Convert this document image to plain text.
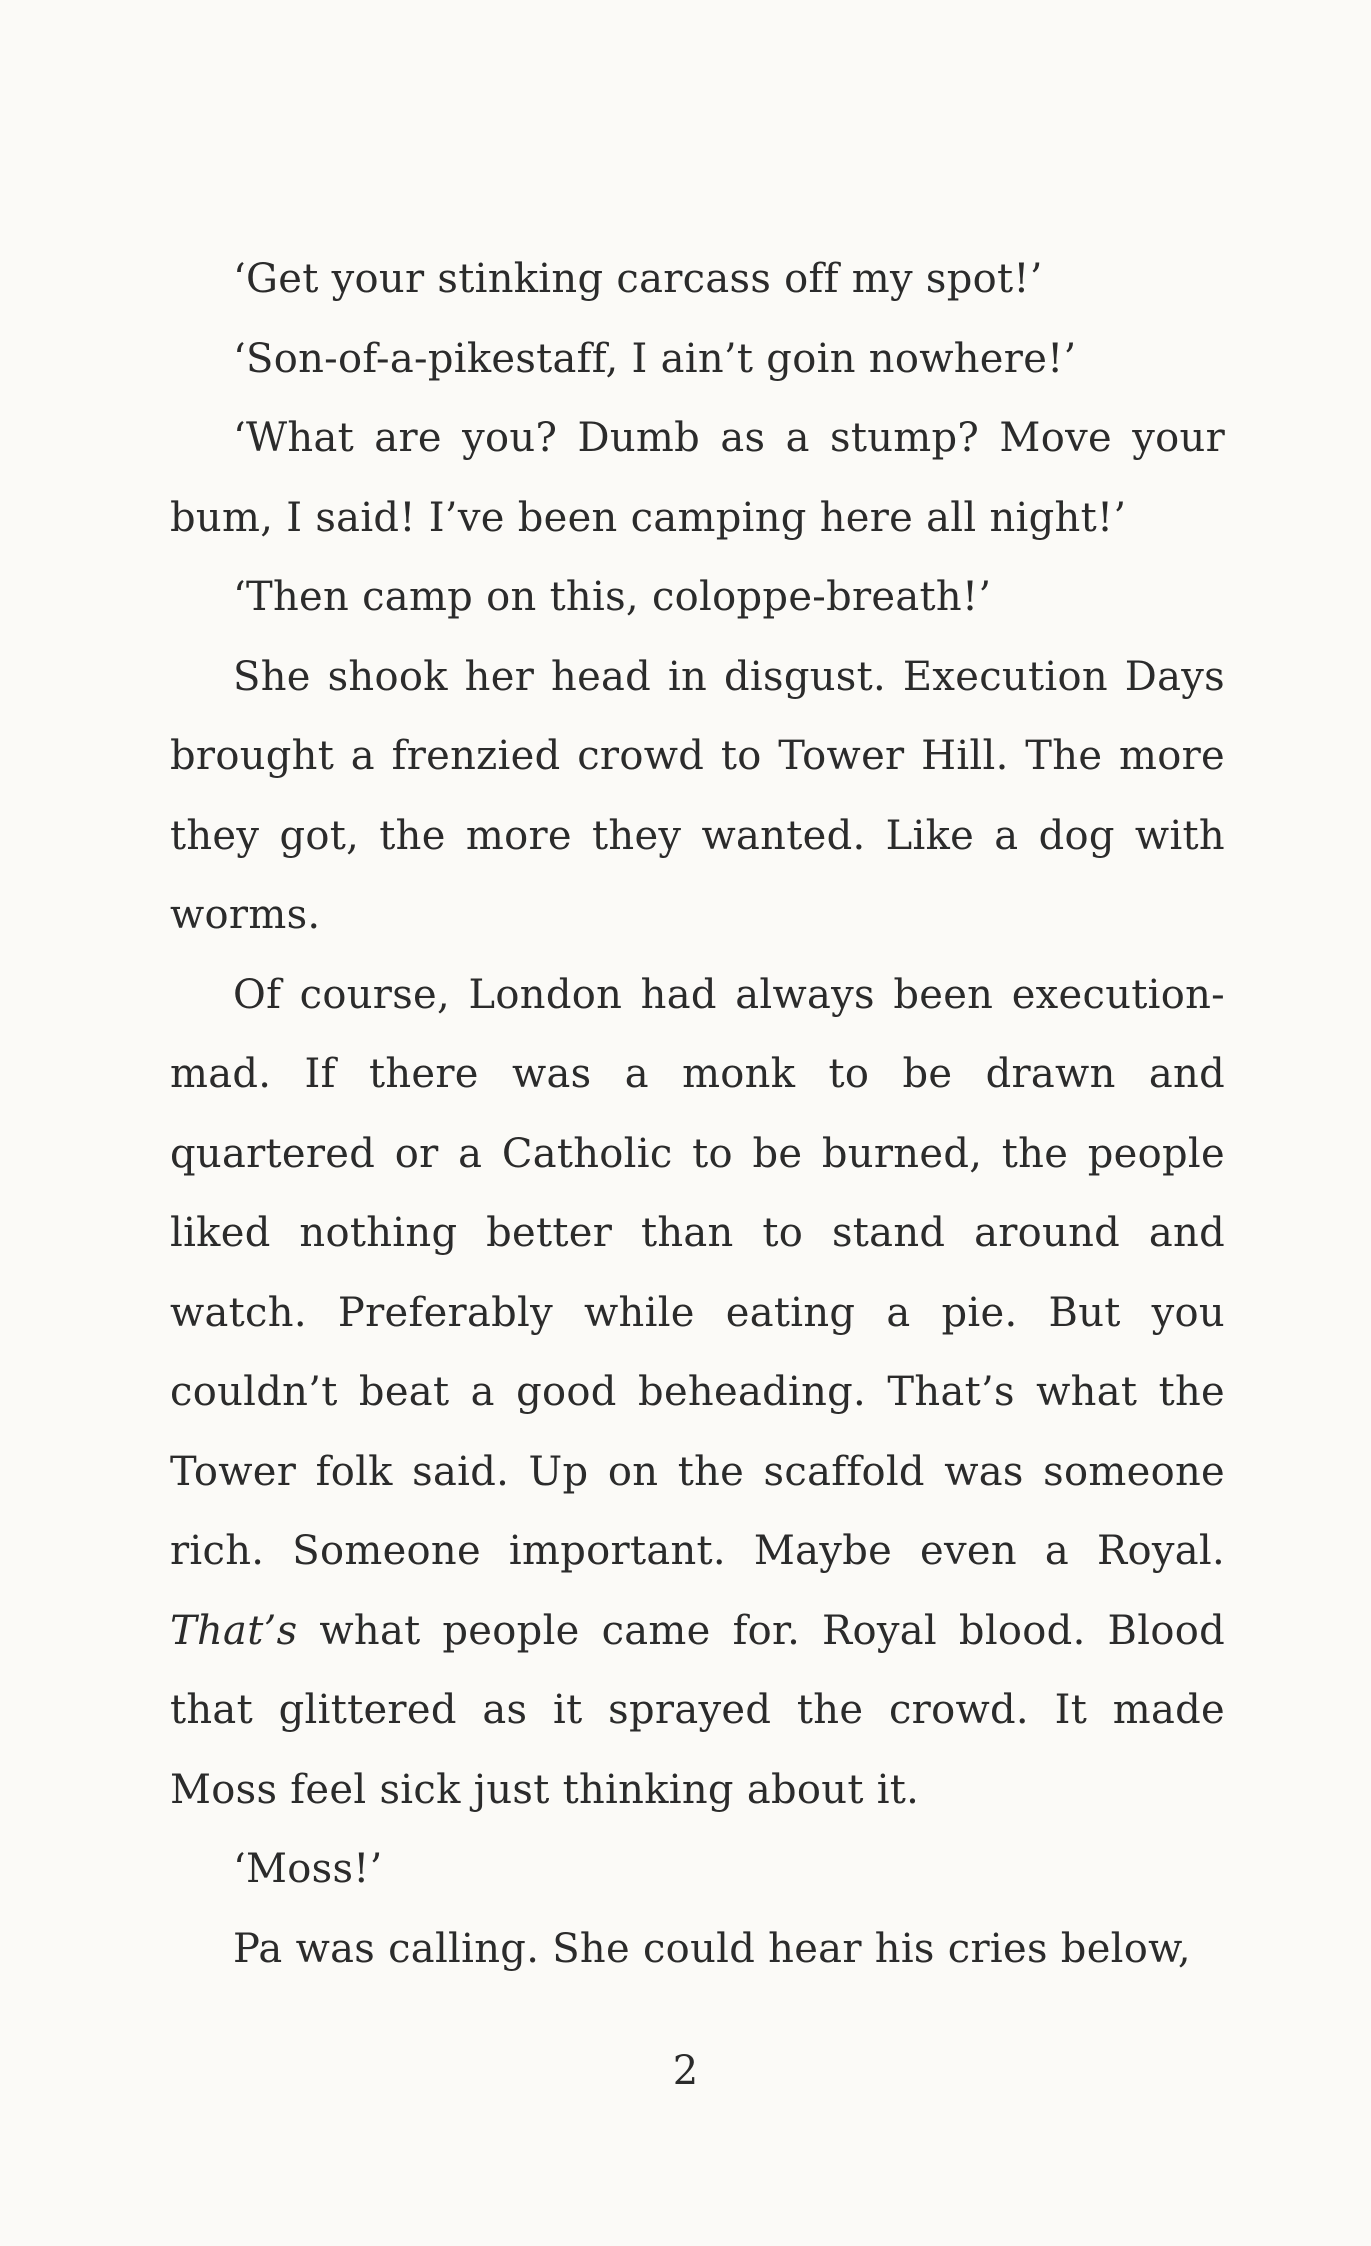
‘Get your stinking carcass off my spot!’

‘Son-of-a-pikestaff, I ain’t goin nowhere!’

‘What are you? Dumb as a stump? Move your bum, I said! I’ve been camping here all night!’

‘Then camp on this, coloppe-breath!’

She shook her head in disgust. Execution Days brought a frenzied crowd to Tower Hill. The more they got, the more they wanted. Like a dog with worms.

Of course, London had always been execution-mad. If there was a monk to be drawn and quartered or a Catholic to be burned, the people liked nothing better than to stand around and watch. Preferably while eating a pie. But you couldn’t beat a good beheading. That’s what the Tower folk said. Up on the scaffold was someone rich. Someone important. Maybe even a Royal. That’s what people came for. Royal blood. Blood that glittered as it sprayed the crowd. It made Moss feel sick just thinking about it.

‘Moss!’

Pa was calling. She could hear his cries below,

2
